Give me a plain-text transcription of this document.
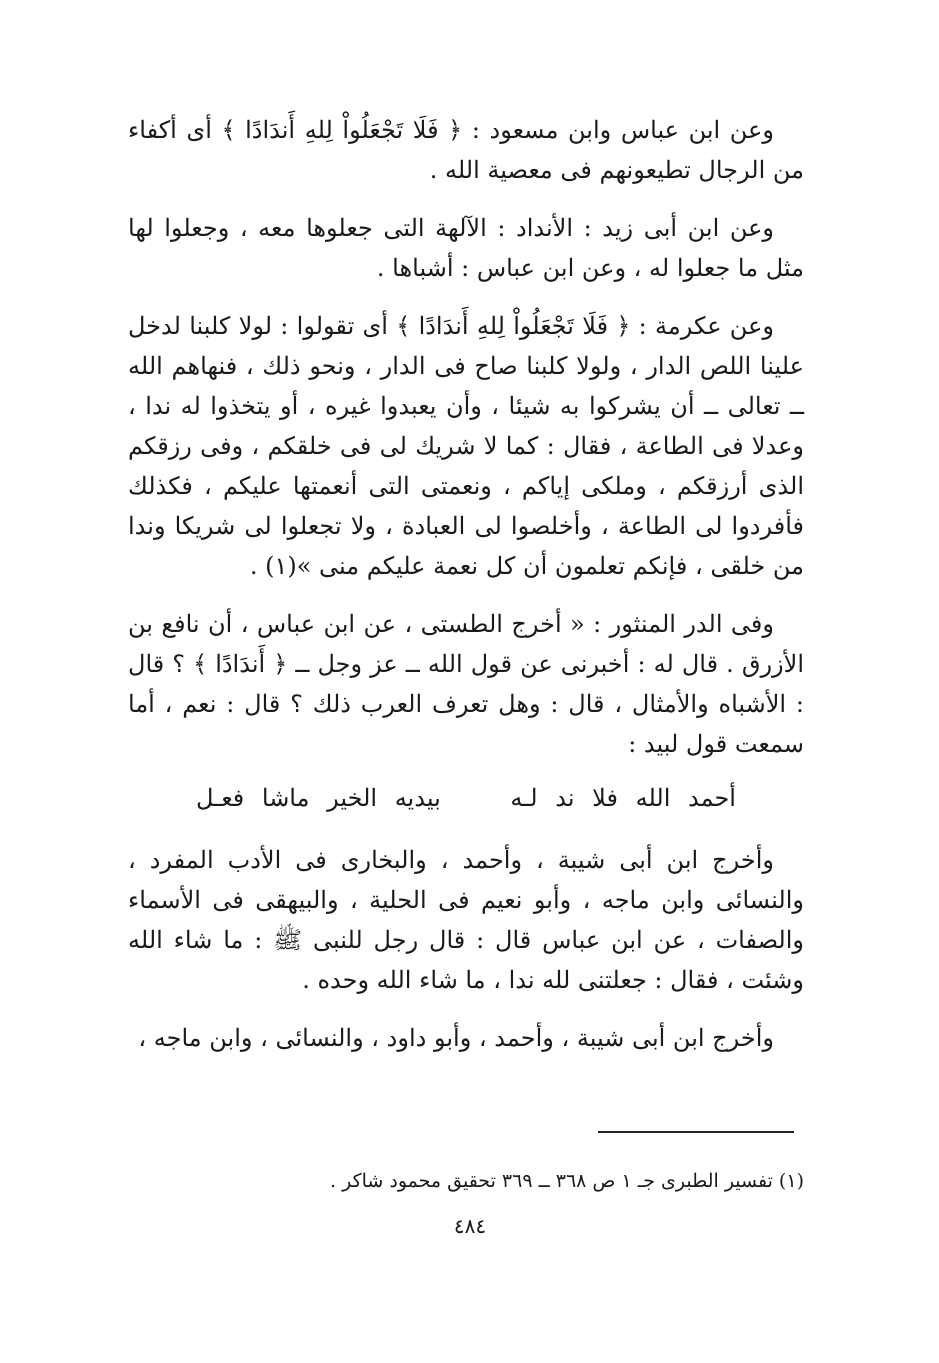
وعن ابن عباس وابن مسعود : ﴿ فَلَا تَجْعَلُواْ لِلهِ أَندَادًا ﴾ أى أكفاء من الرجال تطيعونهم فى معصية الله .

وعن ابن أبى زيد : الأنداد : الآلهة التى جعلوها معه ، وجعلوا لها مثل ما جعلوا له ، وعن ابن عباس : أشباها .

وعن عكرمة : ﴿ فَلَا تَجْعَلُواْ لِلهِ أَندَادًا ﴾ أى تقولوا : لولا كلبنا لدخل علينا اللص الدار ، ولولا كلبنا صاح فى الدار ، ونحو ذلك ، فنهاهم الله ــ تعالى ــ أن يشركوا به شيئا ، وأن يعبدوا غيره ، أو يتخذوا له ندا ، وعدلا فى الطاعة ، فقال : كما لا شريك لى فى خلقكم ، وفى رزقكم الذى أرزقكم ، وملكى إياكم ، ونعمتى التى أنعمتها عليكم ، فكذلك فأفردوا لى الطاعة ، وأخلصوا لى العبادة ، ولا تجعلوا لى شريكا وندا من خلقى ، فإنكم تعلمون أن كل نعمة عليكم منى »(١) .

وفى الدر المنثور : « أخرج الطستى ، عن ابن عباس ، أن نافع بن الأزرق . قال له : أخبرنى عن قول الله ــ عز وجل ــ ﴿ أَندَادًا ﴾ ؟ قال : الأشباه والأمثال ، قال : وهل تعرف العرب ذلك ؟ قال : نعم ، أما سمعت قول لبيد :

أحمد الله فلا ند لـه بيديه الخير ماشا فعـل

وأخرج ابن أبى شيبة ، وأحمد ، والبخارى فى الأدب المفرد ، والنسائى وابن ماجه ، وأبو نعيم فى الحلية ، والبيهقى فى الأسماء والصفات ، عن ابن عباس قال : قال رجل للنبى ﷺ : ما شاء الله وشئت ، فقال : جعلتنى لله ندا ، ما شاء الله وحده .

وأخرج ابن أبى شيبة ، وأحمد ، وأبو داود ، والنسائى ، وابن ماجه ،

(١) تفسير الطبرى جـ ١ ص ٣٦٨ ــ ٣٦٩ تحقيق محمود شاكر .
٤٨٤
